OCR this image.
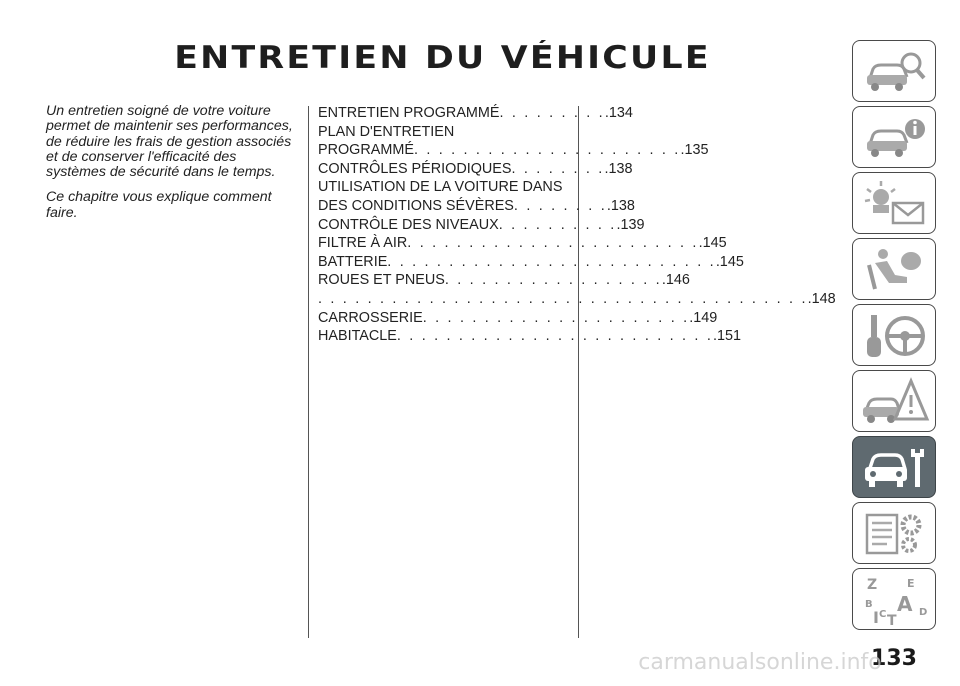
ENTRETIEN DU VÉHICULE

Un entretien soigné de votre voiture permet de maintenir ses performances, de réduire les frais de gestion associés et de conserver l'efficacité des systèmes de sécurité dans le temps.

Ce chapitre vous explique comment faire.

ENTRETIEN PROGRAMMÉ . . . . . . . . . .134
PLAN D'ENTRETIEN
PROGRAMMÉ . . . . . . . . . . . . . . . . . . . . . . .135
CONTRÔLES PÉRIODIQUES . . . . . . . . .138
UTILISATION DE LA VOITURE DANS
DES CONDITIONS SÉVÈRES . . . . . . . . .138
CONTRÔLE DES NIVEAUX . . . . . . . . . . .139
FILTRE À AIR . . . . . . . . . . . . . . . . . . . . . . . . .145
BATTERIE . . . . . . . . . . . . . . . . . . . . . . . . . . . .145
ROUES ET PNEUS . . . . . . . . . . . . . . . . . . .146
. . . . . . . . . . . . . . . . . . . . . . . . . . . . . . . . . . . . . . . . .148
CARROSSERIE . . . . . . . . . . . . . . . . . . . . . . .149
HABITACLE . . . . . . . . . . . . . . . . . . . . . . . . . . .151
Z	E
B A D
C T
I
133
carmanualsonline.info
